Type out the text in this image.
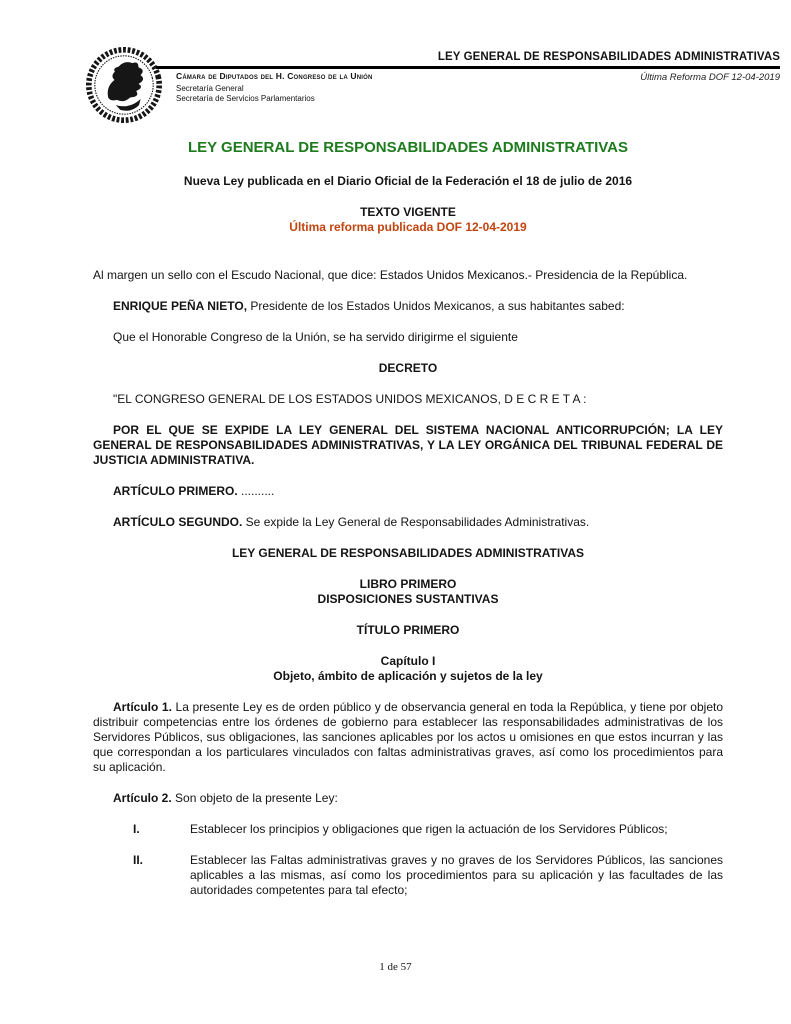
LEY GENERAL DE RESPONSABILIDADES ADMINISTRATIVAS
Última Reforma DOF 12-04-2019
Cámara de Diputados del H. Congreso de la Unión
Secretaría General
Secretaría de Servicios Parlamentarios
LEY GENERAL DE RESPONSABILIDADES ADMINISTRATIVAS
Nueva Ley publicada en el Diario Oficial de la Federación el 18 de julio de 2016
TEXTO VIGENTE
Última reforma publicada DOF 12-04-2019

Al margen un sello con el Escudo Nacional, que dice: Estados Unidos Mexicanos.- Presidencia de la República.

ENRIQUE PEÑA NIETO, Presidente de los Estados Unidos Mexicanos, a sus habitantes sabed:

Que el Honorable Congreso de la Unión, se ha servido dirigirme el siguiente

DECRETO

"EL CONGRESO GENERAL DE LOS ESTADOS UNIDOS MEXICANOS, D E C R E T A :

POR EL QUE SE EXPIDE LA LEY GENERAL DEL SISTEMA NACIONAL ANTICORRUPCIÓN; LA LEY GENERAL DE RESPONSABILIDADES ADMINISTRATIVAS, Y LA LEY ORGÁNICA DEL TRIBUNAL FEDERAL DE JUSTICIA ADMINISTRATIVA.

ARTÍCULO PRIMERO. ..........

ARTÍCULO SEGUNDO. Se expide la Ley General de Responsabilidades Administrativas.

LEY GENERAL DE RESPONSABILIDADES ADMINISTRATIVAS
LIBRO PRIMERO
DISPOSICIONES SUSTANTIVAS
TÍTULO PRIMERO
Capítulo I
Objeto, ámbito de aplicación y sujetos de la ley

Artículo 1. La presente Ley es de orden público y de observancia general en toda la República, y tiene por objeto distribuir competencias entre los órdenes de gobierno para establecer las responsabilidades administrativas de los Servidores Públicos, sus obligaciones, las sanciones aplicables por los actos u omisiones en que estos incurran y las que correspondan a los particulares vinculados con faltas administrativas graves, así como los procedimientos para su aplicación.

Artículo 2. Son objeto de la presente Ley:

I.	Establecer los principios y obligaciones que rigen la actuación de los Servidores Públicos;
II.	Establecer las Faltas administrativas graves y no graves de los Servidores Públicos, las sanciones aplicables a las mismas, así como los procedimientos para su aplicación y las facultades de las autoridades competentes para tal efecto;
1 de 57
